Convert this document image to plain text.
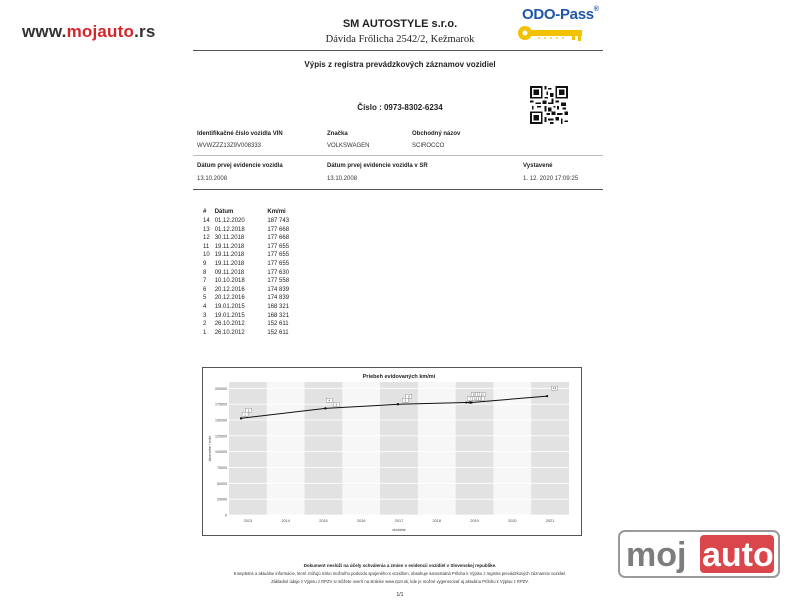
www.mojauto.rs	SM AUTOSTYLE s.r.o.
Dávida Frőlicha 2542/2, Kežmarok
ODO-Pass®
Výpis z registra prevádzkových záznamov vozidiel
Číslo : 0973-8302-6234
Identifikačné číslo vozidla VIN
WVWZZZ13Z9V008333
Značka
VOLKSWAGEN
Obchodný názov
SCIROCCO
Dátum prvej evidencie vozidla
13.10.2008
Dátum prvej evidencie vozidla v SR
13.10.2008
Vystavené
1. 12. 2020 17:09:25
#	Dátum	Km/mi
14	01.12.2020	187 743
13	01.12.2018	177 668
12	30.11.2018	177 668
11	19.11.2018	177 655
10	19.11.2018	177 655
9	19.11.2018	177 655
8	09.11.2018	177 630
7	10.10.2018	177 558
6	20.12.2016	174 839
5	20.12.2016	174 839
4	19.01.2015	168 321
3	19.01.2015	168 321
2	26.10.2012	152 611
1	26.10.2012	152 611
0
25000
50000
75000
100000
125000
150000
175000
200000
2013	2014	2015	2016	2017	2018	2019	2020	2021
Priebeh evidovaných km/mi
obdobie
kilometre / míle
1
2
3
4	5
6
7	9
10 12
13
14
Dokument neslúži na účely schválenia a zmien v evidencii vozidiel v Slovenskej republike.
Kompletné a aktuálne informácie, ktoré znižujú riziko možného podvodu spojeného s vozidlom, obsahuje samostatná Príloha k Výpisu z registra prevádzkových záznamov vozidiel.
Základné údaje z Výpisu z RPZV si môžete overiť na stránke www.rpzv.sk, kde je možné vygenerovať aj aktuálnu Prílohu k Výpisu z RPZV.
1/1
moj auto
